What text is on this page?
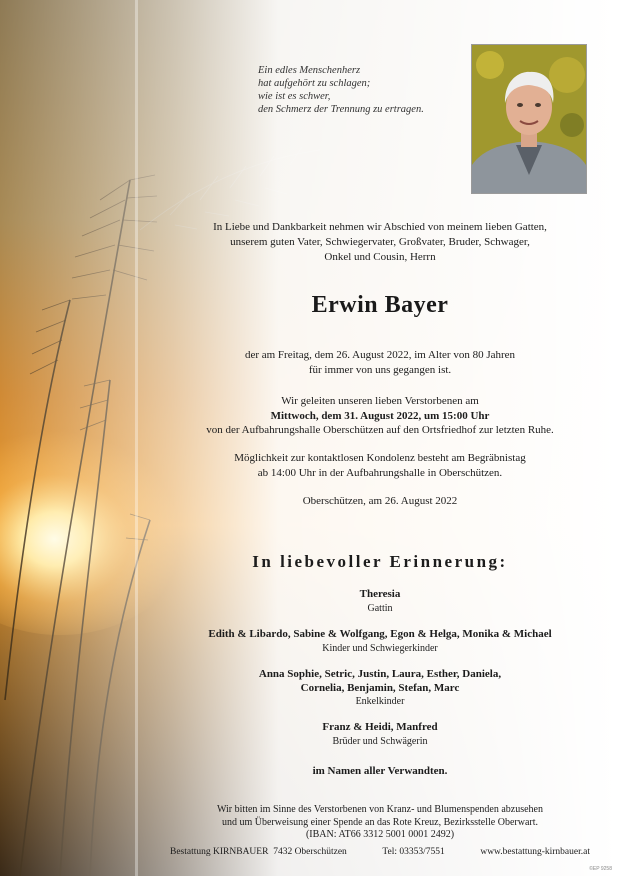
Ein edles Menschenherz
hat aufgehört zu schlagen;
wie ist es schwer,
den Schmerz der Trennung zu ertragen.
In Liebe und Dankbarkeit nehmen wir Abschied von meinem lieben Gatten,
unserem guten Vater, Schwiegervater, Großvater, Bruder, Schwager,
Onkel und Cousin, Herrn
Erwin Bayer
der am Freitag, dem 26. August 2022, im Alter von 80 Jahren
für immer von uns gegangen ist.
Wir geleiten unseren lieben Verstorbenen am
Mittwoch, dem 31. August 2022, um 15:00 Uhr
von der Aufbahrungshalle Oberschützen auf den Ortsfriedhof zur letzten Ruhe.
Möglichkeit zur kontaktlosen Kondolenz besteht am Begräbnistag
ab 14:00 Uhr in der Aufbahrungshalle in Oberschützen.
Oberschützen, am 26. August 2022
In liebevoller Erinnerung:
Theresia
Gattin
Edith & Libardo, Sabine & Wolfgang, Egon & Helga, Monika & Michael
Kinder und Schwiegerkinder
Anna Sophie, Setric, Justin, Laura, Esther, Daniela,
Cornelia, Benjamin, Stefan, Marc
Enkelkinder
Franz & Heidi, Manfred
Brüder und Schwägerin
im Namen aller Verwandten.
Wir bitten im Sinne des Verstorbenen von Kranz- und Blumenspenden abzusehen
und um Überweisung einer Spende an das Rote Kreuz, Bezirksstelle Oberwart.
(IBAN: AT66 3312 5001 0001 2492)
Bestattung KIRNBAUER 7432 Oberschützen	Tel: 03353/7551	www.bestattung-kirnbauer.at
©EP 9258
